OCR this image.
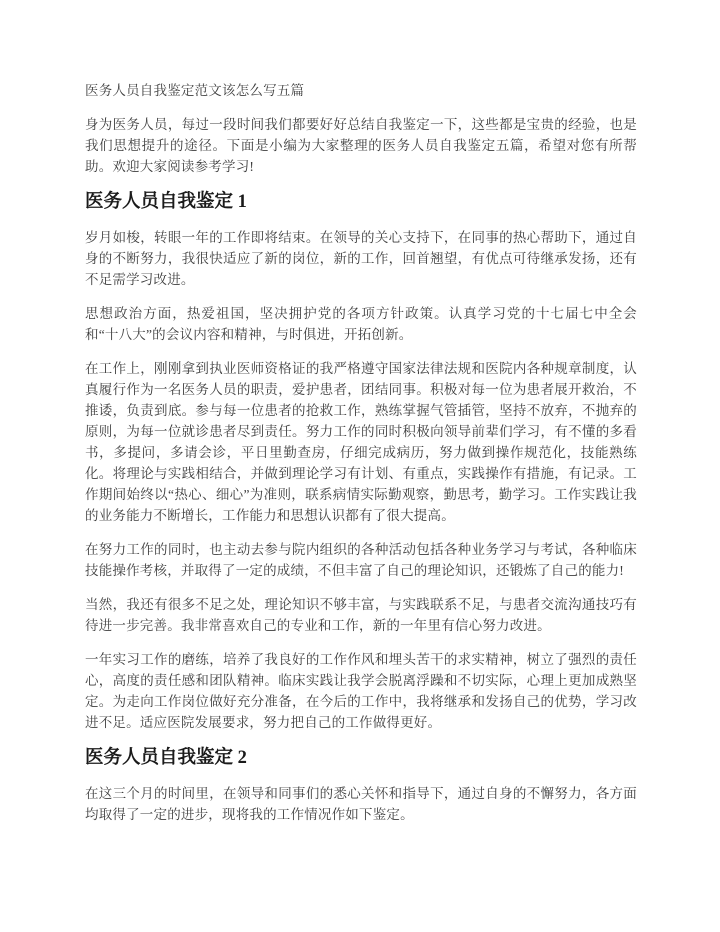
医务人员自我鉴定范文该怎么写五篇

身为医务人员，每过一段时间我们都要好好总结自我鉴定一下，这些都是宝贵的经验，也是我们思想提升的途径。下面是小编为大家整理的医务人员自我鉴定五篇，希望对您有所帮助。欢迎大家阅读参考学习!

医务人员自我鉴定 1

岁月如梭，转眼一年的工作即将结束。在领导的关心支持下，在同事的热心帮助下，通过自身的不断努力，我很快适应了新的岗位，新的工作，回首翘望，有优点可待继承发扬，还有不足需学习改进。

思想政治方面，热爱祖国，坚决拥护党的各项方针政策。认真学习党的十七届七中全会和“十八大”的会议内容和精神，与时俱进，开拓创新。

在工作上，刚刚拿到执业医师资格证的我严格遵守国家法律法规和医院内各种规章制度，认真履行作为一名医务人员的职责，爱护患者，团结同事。积极对每一位为患者展开救治，不推诿，负责到底。参与每一位患者的抢救工作，熟练掌握气管插管，坚持不放弃，不抛弃的原则，为每一位就诊患者尽到责任。努力工作的同时积极向领导前辈们学习，有不懂的多看书，多提问，多请会诊，平日里勤查房，仔细完成病历，努力做到操作规范化，技能熟练化。将理论与实践相结合，并做到理论学习有计划、有重点，实践操作有措施，有记录。工作期间始终以“热心、细心”为准则，联系病情实际勤观察，勤思考，勤学习。工作实践让我的业务能力不断增长，工作能力和思想认识都有了很大提高。

在努力工作的同时，也主动去参与院内组织的各种活动包括各种业务学习与考试，各种临床技能操作考核，并取得了一定的成绩，不但丰富了自己的理论知识，还锻炼了自己的能力!

当然，我还有很多不足之处，理论知识不够丰富，与实践联系不足，与患者交流沟通技巧有待进一步完善。我非常喜欢自己的专业和工作，新的一年里有信心努力改进。

一年实习工作的磨练，培养了我良好的工作作风和埋头苦干的求实精神，树立了强烈的责任心，高度的责任感和团队精神。临床实践让我学会脱离浮躁和不切实际，心理上更加成熟坚定。为走向工作岗位做好充分准备，在今后的工作中，我将继承和发扬自己的优势，学习改进不足。适应医院发展要求，努力把自己的工作做得更好。

医务人员自我鉴定 2

在这三个月的时间里，在领导和同事们的悉心关怀和指导下，通过自身的不懈努力，各方面均取得了一定的进步，现将我的工作情况作如下鉴定。
